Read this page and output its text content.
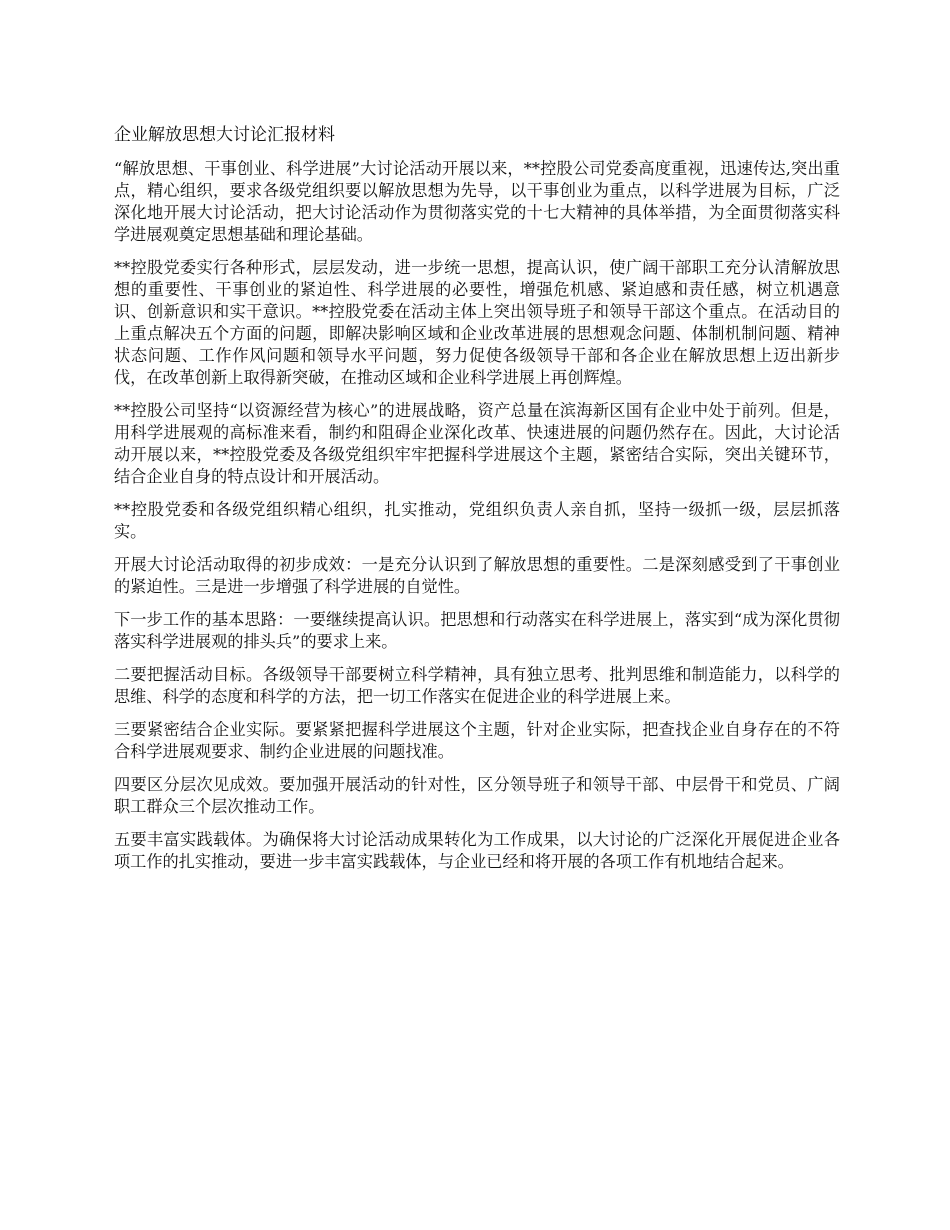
企业解放思想大讨论汇报材料

“解放思想、干事创业、科学进展”大讨论活动开展以来，**控股公司党委高度重视，迅速传达,突出重点，精心组织，要求各级党组织要以解放思想为先导，以干事创业为重点，以科学进展为目标，广泛深化地开展大讨论活动，把大讨论活动作为贯彻落实党的十七大精神的具体举措，为全面贯彻落实科学进展观奠定思想基础和理论基础。

**控股党委实行各种形式，层层发动，进一步统一思想，提高认识，使广阔干部职工充分认清解放思想的重要性、干事创业的紧迫性、科学进展的必要性，增强危机感、紧迫感和责任感，树立机遇意识、创新意识和实干意识。**控股党委在活动主体上突出领导班子和领导干部这个重点。在活动目的上重点解决五个方面的问题，即解决影响区域和企业改革进展的思想观念问题、体制机制问题、精神状态问题、工作作风问题和领导水平问题，努力促使各级领导干部和各企业在解放思想上迈出新步伐，在改革创新上取得新突破，在推动区域和企业科学进展上再创辉煌。

**控股公司坚持“以资源经营为核心”的进展战略，资产总量在滨海新区国有企业中处于前列。但是，用科学进展观的高标准来看，制约和阻碍企业深化改革、快速进展的问题仍然存在。因此，大讨论活动开展以来，**控股党委及各级党组织牢牢把握科学进展这个主题，紧密结合实际，突出关键环节，结合企业自身的特点设计和开展活动。

**控股党委和各级党组织精心组织，扎实推动，党组织负责人亲自抓，坚持一级抓一级，层层抓落实。

开展大讨论活动取得的初步成效：一是充分认识到了解放思想的重要性。二是深刻感受到了干事创业的紧迫性。三是进一步增强了科学进展的自觉性。

下一步工作的基本思路：一要继续提高认识。把思想和行动落实在科学进展上，落实到“成为深化贯彻落实科学进展观的排头兵”的要求上来。

二要把握活动目标。各级领导干部要树立科学精神，具有独立思考、批判思维和制造能力，以科学的思维、科学的态度和科学的方法，把一切工作落实在促进企业的科学进展上来。

三要紧密结合企业实际。要紧紧把握科学进展这个主题，针对企业实际，把查找企业自身存在的不符合科学进展观要求、制约企业进展的问题找准。

四要区分层次见成效。要加强开展活动的针对性，区分领导班子和领导干部、中层骨干和党员、广阔职工群众三个层次推动工作。

五要丰富实践载体。为确保将大讨论活动成果转化为工作成果，以大讨论的广泛深化开展促进企业各项工作的扎实推动，要进一步丰富实践载体，与企业已经和将开展的各项工作有机地结合起来。
